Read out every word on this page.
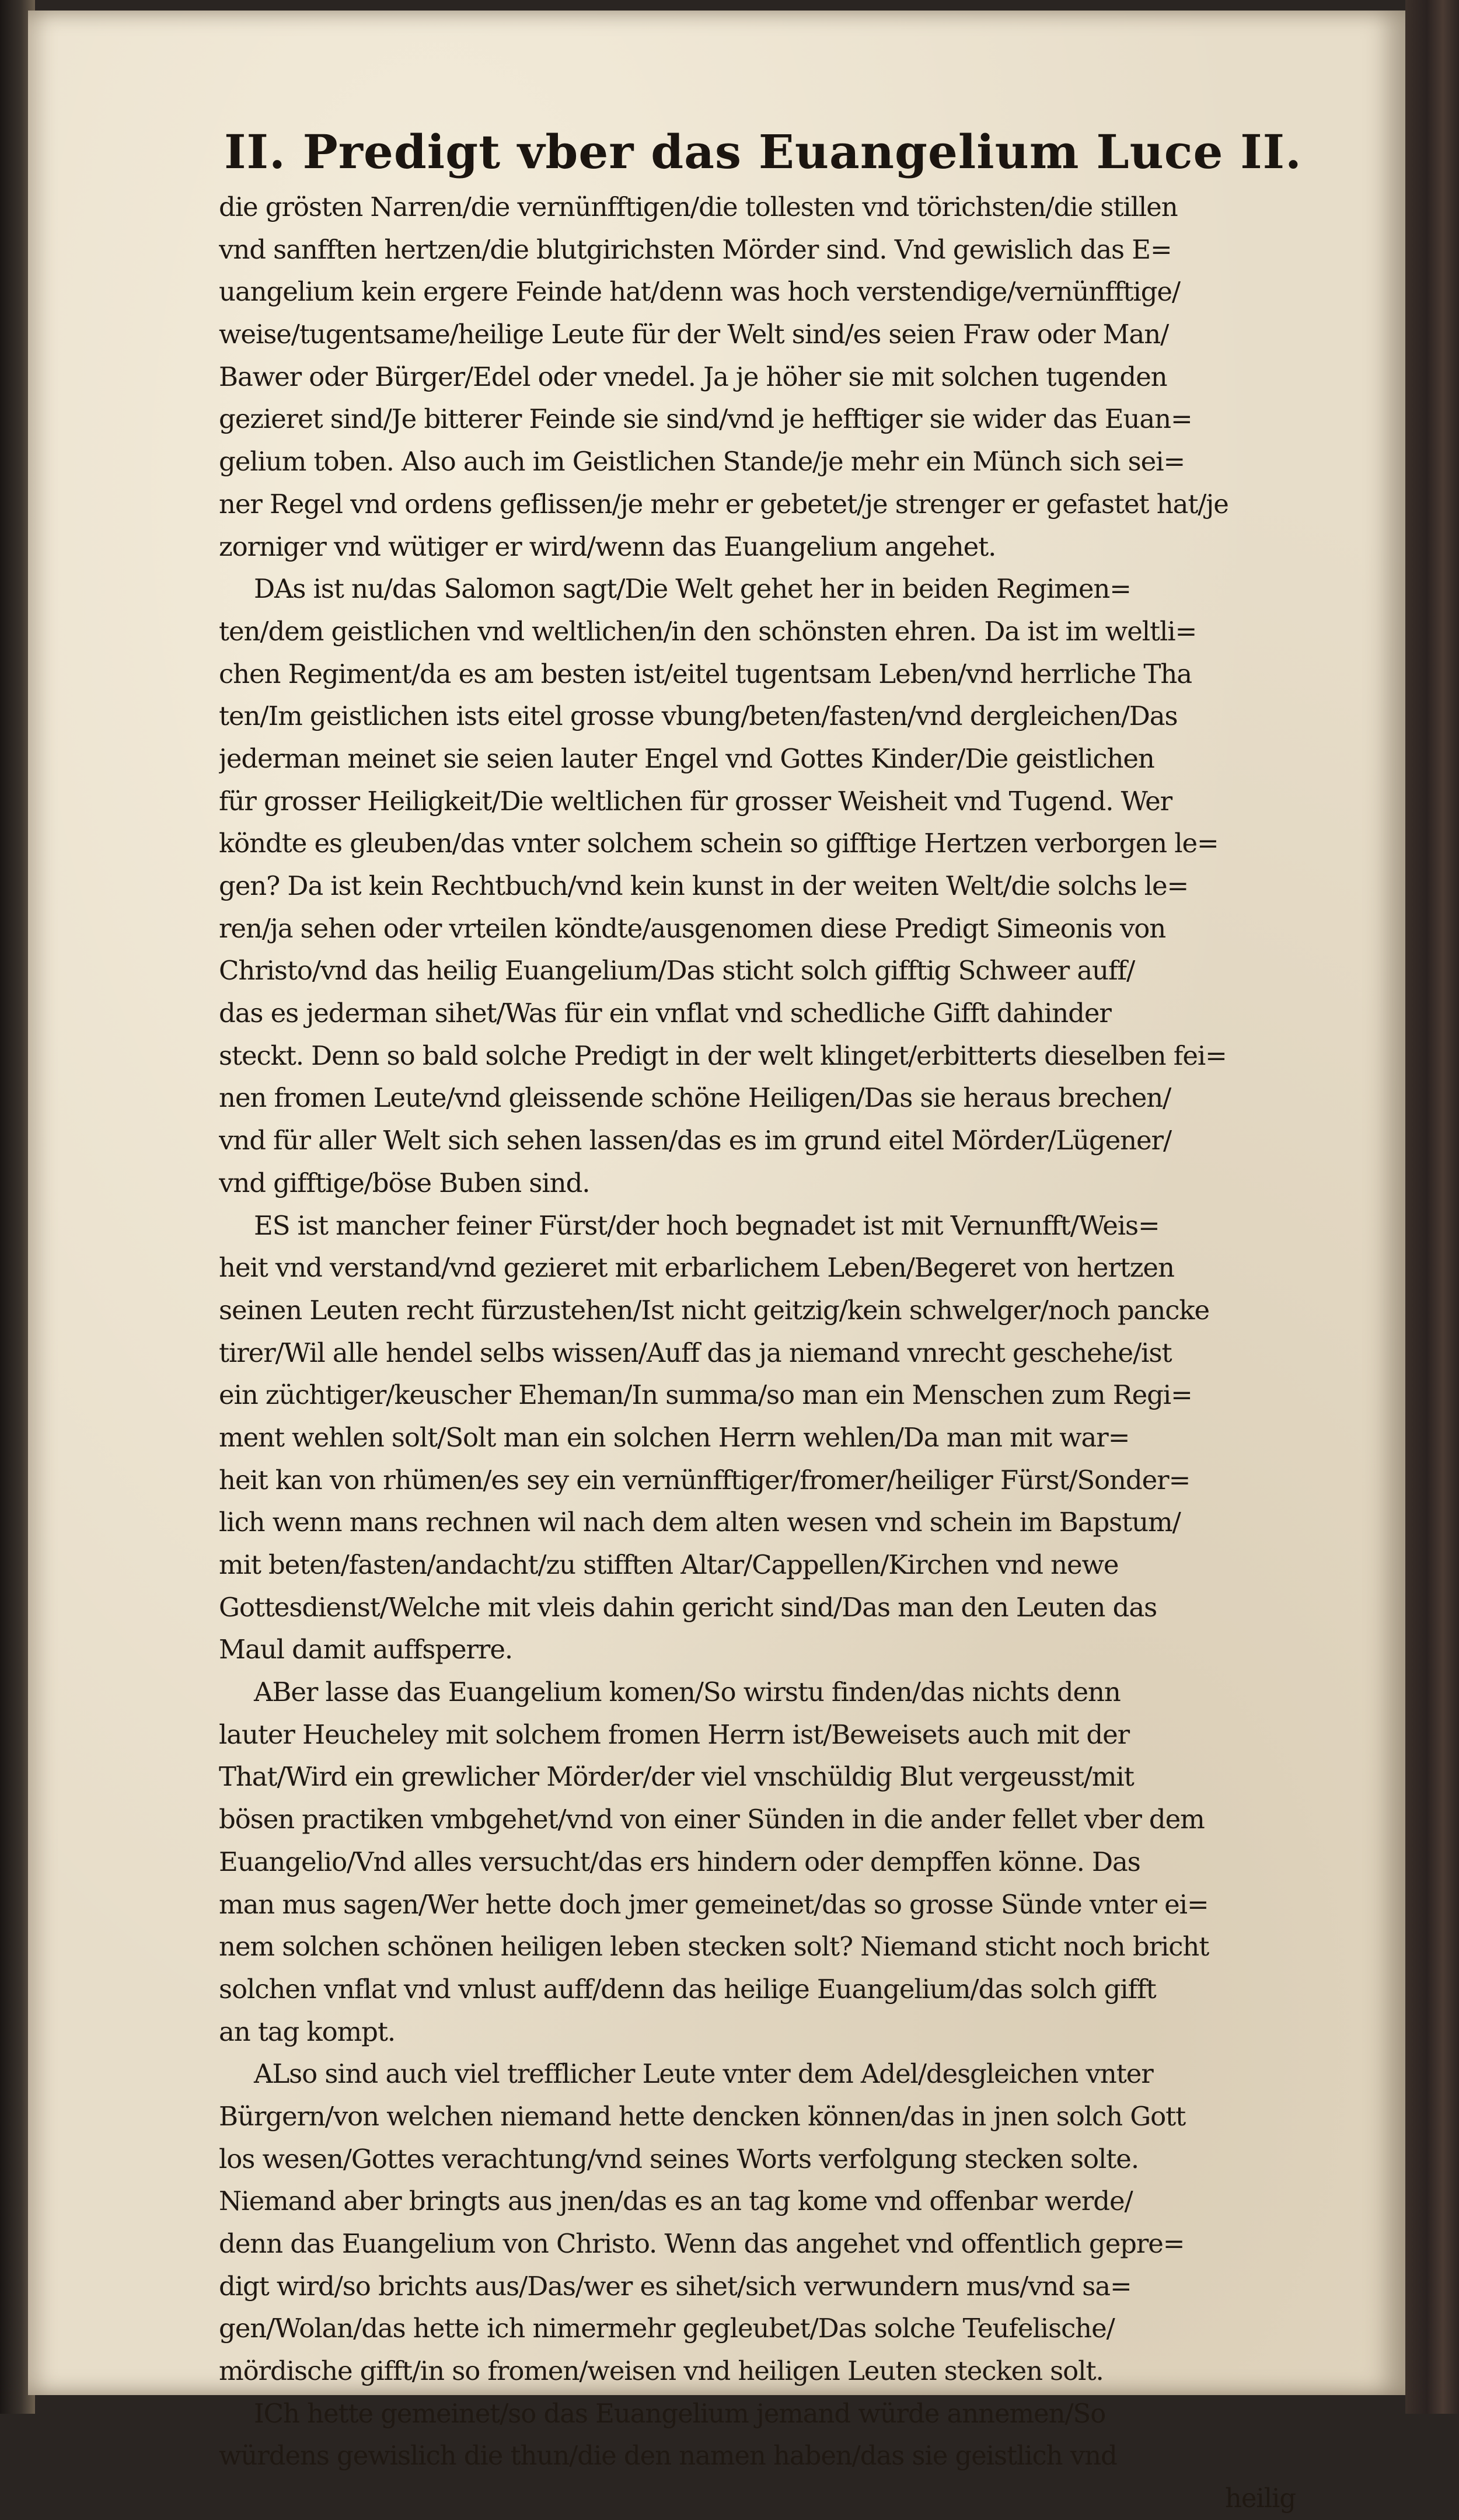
II. Predigt vber das Euangelium Luce II.
die grösten Narren/die vernünfftigen/die tollesten vnd törichsten/die stillen
vnd sanfften hertzen/die blutgirichsten Mörder sind. Vnd gewislich das E=
uangelium kein ergere Feinde hat/denn was hoch verstendige/vernünfftige/
weise/tugentsame/heilige Leute für der Welt sind/es seien Fraw oder Man/
Bawer oder Bürger/Edel oder vnedel. Ja je höher sie mit solchen tugenden
gezieret sind/Je bitterer Feinde sie sind/vnd je hefftiger sie wider das Euan=
gelium toben. Also auch im Geistlichen Stande/je mehr ein Münch sich sei=
ner Regel vnd ordens geflissen/je mehr er gebetet/je strenger er gefastet hat/je
zorniger vnd wütiger er wird/wenn das Euangelium angehet.
DAs ist nu/das Salomon sagt/Die Welt gehet her in beiden Regimen=
ten/dem geistlichen vnd weltlichen/in den schönsten ehren. Da ist im weltli=
chen Regiment/da es am besten ist/eitel tugentsam Leben/vnd herrliche Tha
ten/Im geistlichen ists eitel grosse vbung/beten/fasten/vnd dergleichen/Das
jederman meinet sie seien lauter Engel vnd Gottes Kinder/Die geistlichen
für grosser Heiligkeit/Die weltlichen für grosser Weisheit vnd Tugend. Wer
köndte es gleuben/das vnter solchem schein so gifftige Hertzen verborgen le=
gen? Da ist kein Rechtbuch/vnd kein kunst in der weiten Welt/die solchs le=
ren/ja sehen oder vrteilen köndte/ausgenomen diese Predigt Simeonis von
Christo/vnd das heilig Euangelium/Das sticht solch gifftig Schweer auff/
das es jederman sihet/Was für ein vnflat vnd schedliche Gifft dahinder
steckt. Denn so bald solche Predigt in der welt klinget/erbitterts dieselben fei=
nen fromen Leute/vnd gleissende schöne Heiligen/Das sie heraus brechen/
vnd für aller Welt sich sehen lassen/das es im grund eitel Mörder/Lügener/
vnd gifftige/böse Buben sind.
ES ist mancher feiner Fürst/der hoch begnadet ist mit Vernunfft/Weis=
heit vnd verstand/vnd gezieret mit erbarlichem Leben/Begeret von hertzen
seinen Leuten recht fürzustehen/Ist nicht geitzig/kein schwelger/noch pancke
tirer/Wil alle hendel selbs wissen/Auff das ja niemand vnrecht geschehe/ist
ein züchtiger/keuscher Eheman/In summa/so man ein Menschen zum Regi=
ment wehlen solt/Solt man ein solchen Herrn wehlen/Da man mit war=
heit kan von rhümen/es sey ein vernünfftiger/fromer/heiliger Fürst/Sonder=
lich wenn mans rechnen wil nach dem alten wesen vnd schein im Bapstum/
mit beten/fasten/andacht/zu stifften Altar/Cappellen/Kirchen vnd newe
Gottesdienst/Welche mit vleis dahin gericht sind/Das man den Leuten das
Maul damit auffsperre.
ABer lasse das Euangelium komen/So wirstu finden/das nichts denn
lauter Heucheley mit solchem fromen Herrn ist/Beweisets auch mit der
That/Wird ein grewlicher Mörder/der viel vnschüldig Blut vergeusst/mit
bösen practiken vmbgehet/vnd von einer Sünden in die ander fellet vber dem
Euangelio/Vnd alles versucht/das ers hindern oder dempffen könne. Das
man mus sagen/Wer hette doch jmer gemeinet/das so grosse Sünde vnter ei=
nem solchen schönen heiligen leben stecken solt? Niemand sticht noch bricht
solchen vnflat vnd vnlust auff/denn das heilige Euangelium/das solch gifft
an tag kompt.
ALso sind auch viel trefflicher Leute vnter dem Adel/desgleichen vnter
Bürgern/von welchen niemand hette dencken können/das in jnen solch Gott
los wesen/Gottes verachtung/vnd seines Worts verfolgung stecken solte.
Niemand aber bringts aus jnen/das es an tag kome vnd offenbar werde/
denn das Euangelium von Christo. Wenn das angehet vnd offentlich gepre=
digt wird/so brichts aus/Das/wer es sihet/sich verwundern mus/vnd sa=
gen/Wolan/das hette ich nimermehr gegleubet/Das solche Teufelische/
mördische gifft/in so fromen/weisen vnd heiligen Leuten stecken solt.
ICh hette gemeinet/so das Euangelium jemand würde annemen/So
würdens gewislich die thun/die den namen haben/das sie geistlich vnd
heilig
